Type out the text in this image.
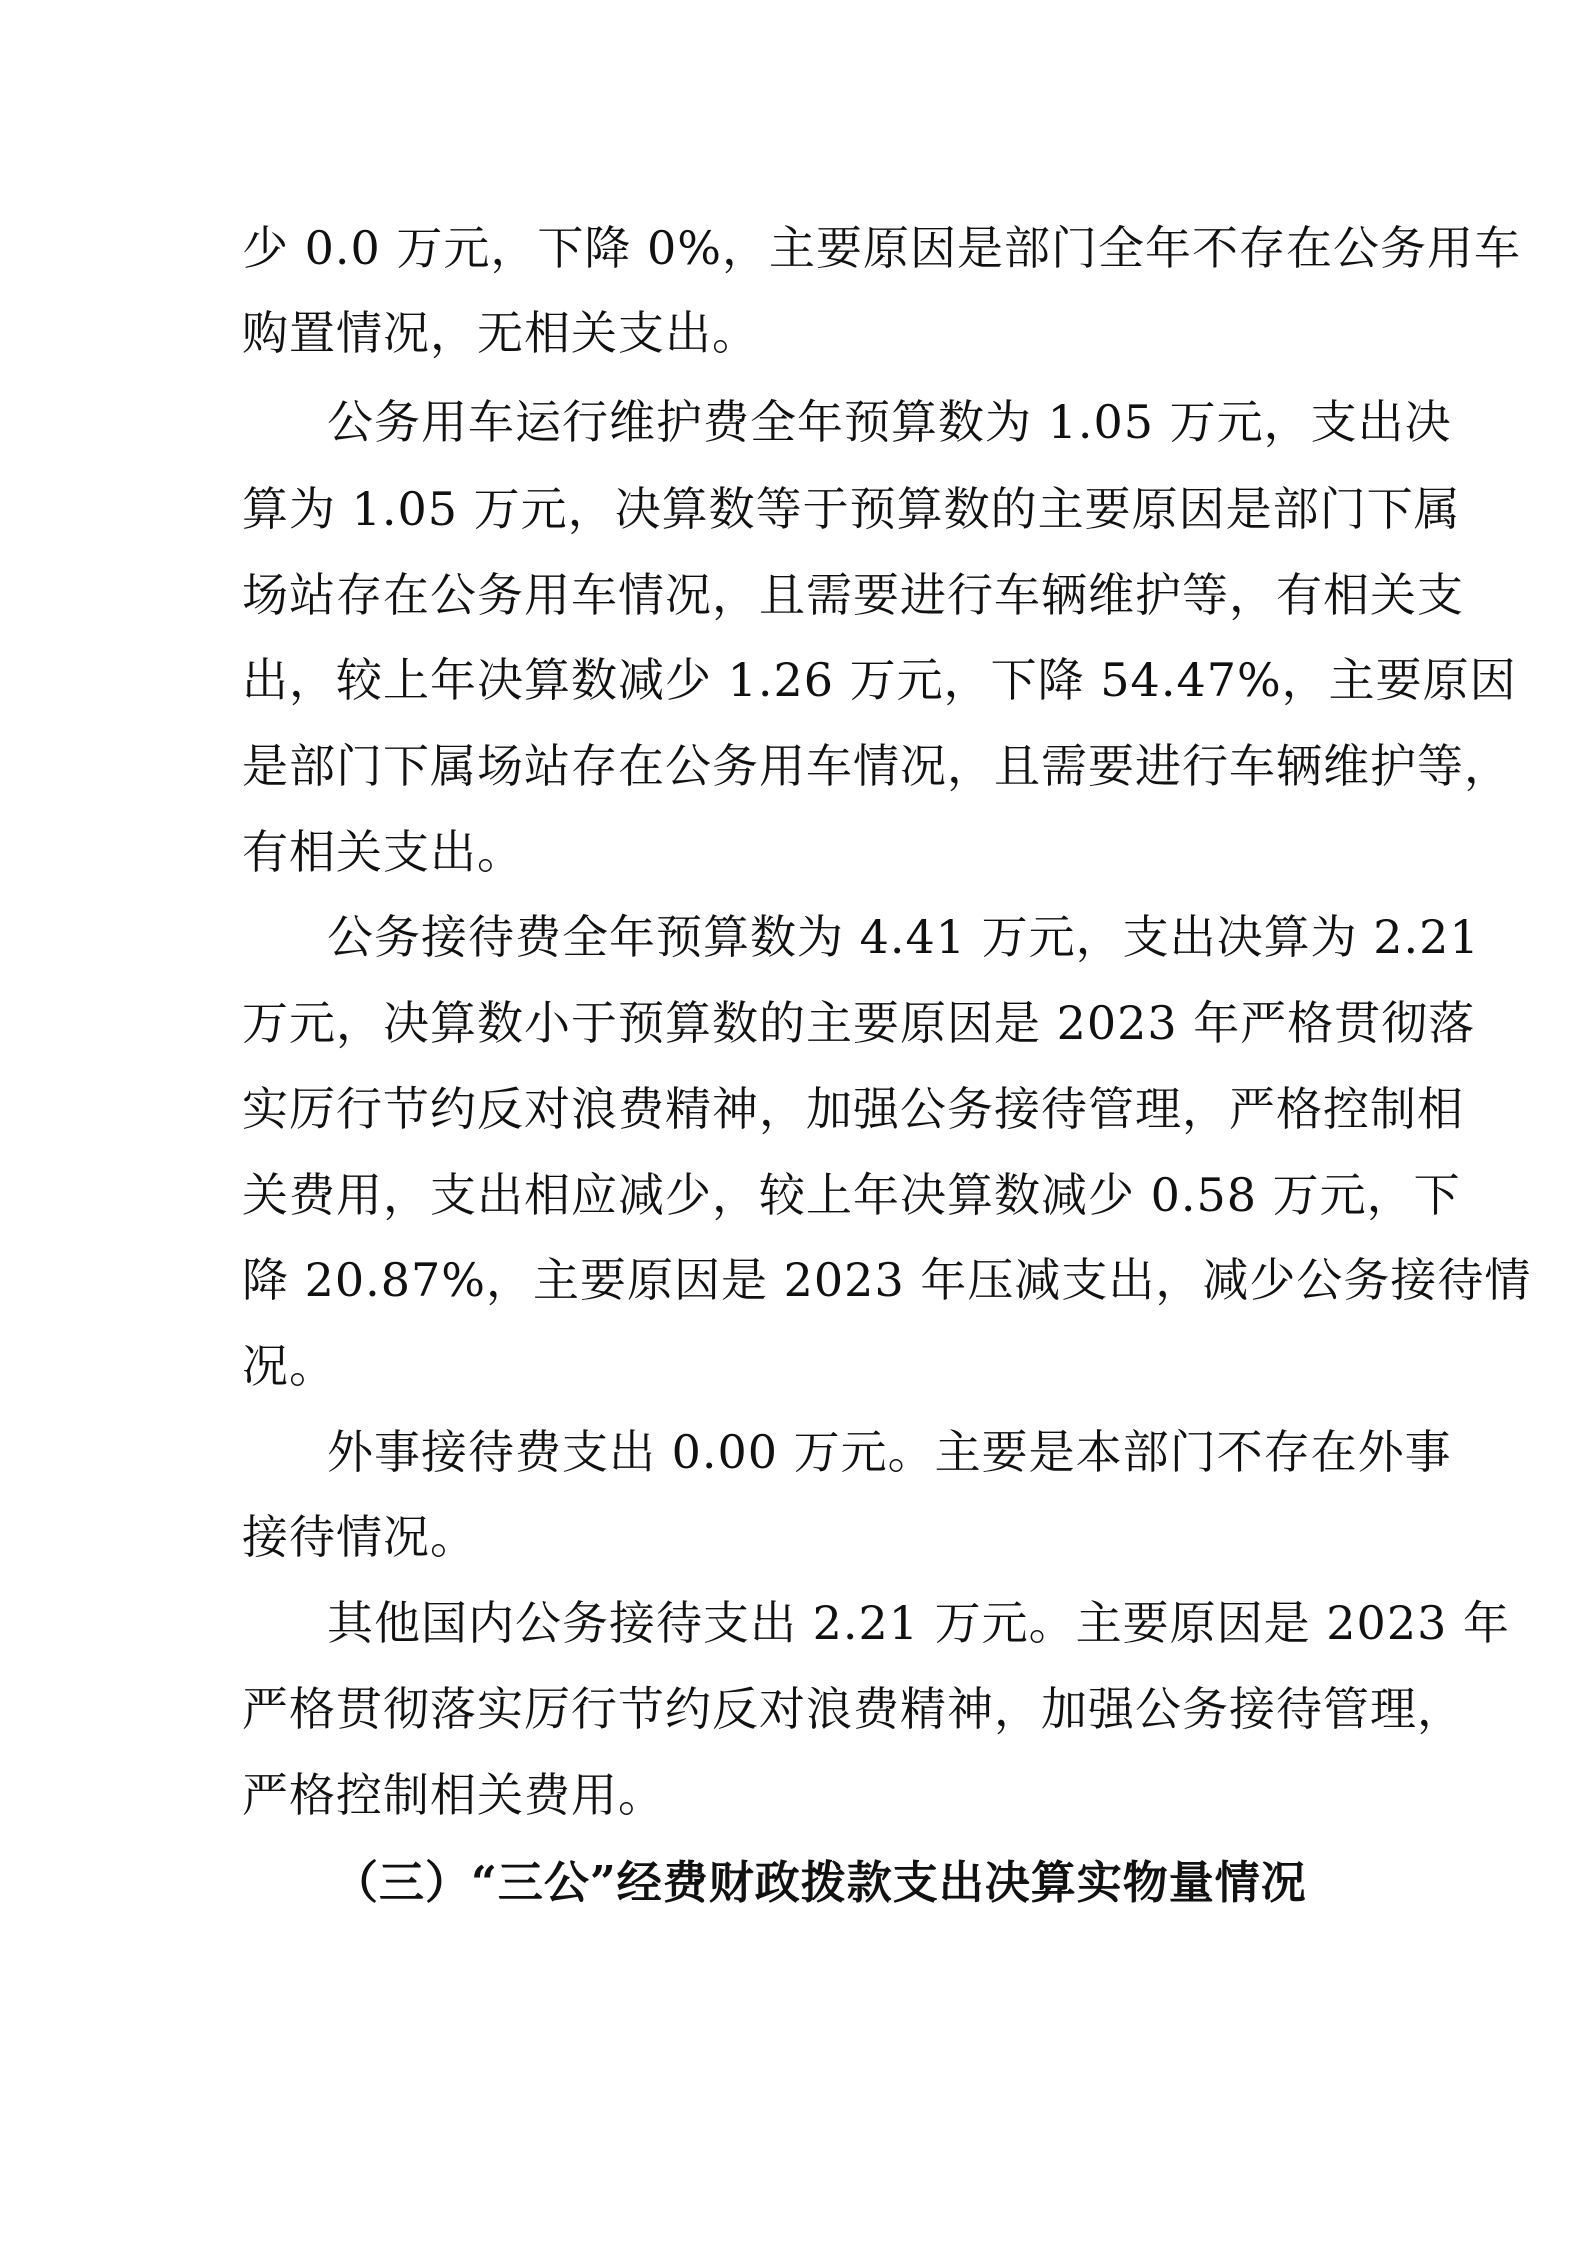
少 0.0 万元，下降 0%，主要原因是部门全年不存在公务用车
购置情况，无相关支出。
公务用车运行维护费全年预算数为 1.05 万元，支出决
算为 1.05 万元，决算数等于预算数的主要原因是部门下属
场站存在公务用车情况，且需要进行车辆维护等，有相关支
出，较上年决算数减少 1.26 万元，下降 54.47%，主要原因
是部门下属场站存在公务用车情况，且需要进行车辆维护等，
有相关支出。
公务接待费全年预算数为 4.41 万元，支出决算为 2.21
万元，决算数小于预算数的主要原因是 2023 年严格贯彻落
实厉行节约反对浪费精神，加强公务接待管理，严格控制相
关费用，支出相应减少，较上年决算数减少 0.58 万元，下
降 20.87%，主要原因是 2023 年压减支出，减少公务接待情
况。
外事接待费支出 0.00 万元。主要是本部门不存在外事
接待情况。
其他国内公务接待支出 2.21 万元。主要原因是 2023 年
严格贯彻落实厉行节约反对浪费精神，加强公务接待管理，
严格控制相关费用。
（三）“三公”经费财政拨款支出决算实物量情况
